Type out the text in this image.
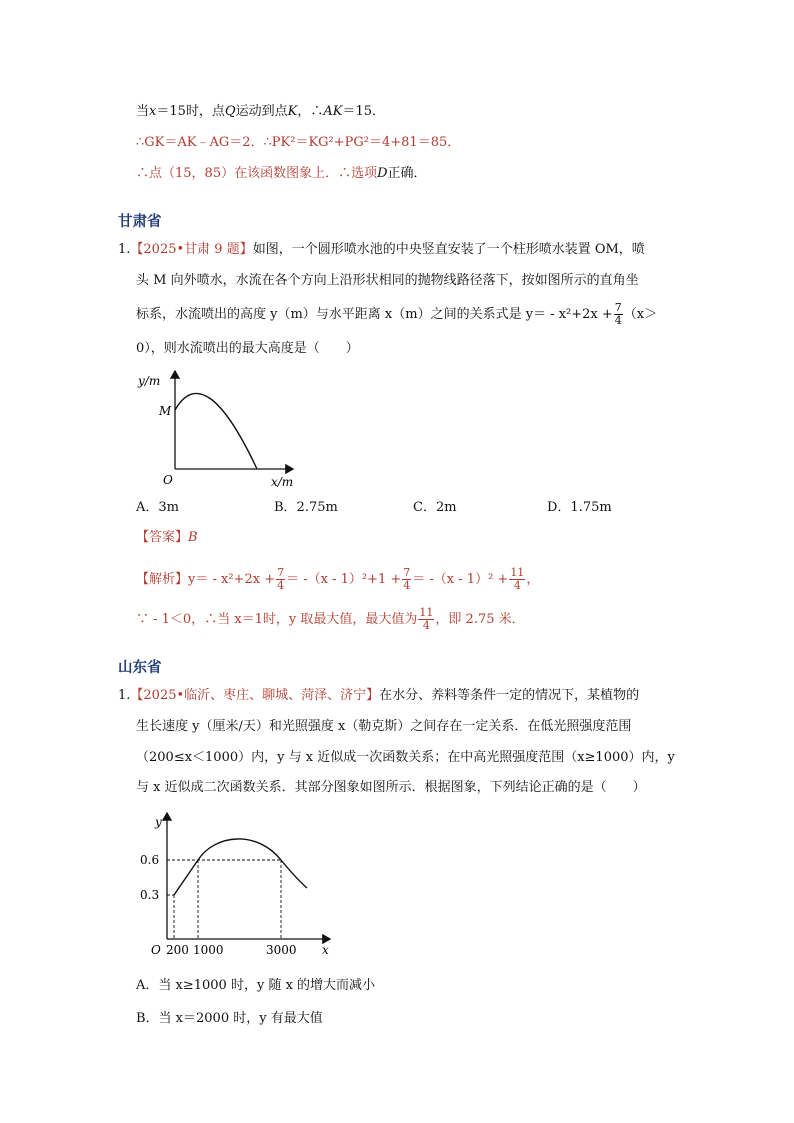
当x＝15时，点Q运动到点K，∴AK＝15．
∴GK＝AK﹣AG＝2．∴PK²＝KG²+PG²＝4+81＝85．
∴点（15，85）在该函数图象上．∴选项D正确．
甘肃省
1.【2025•甘肃 9 题】如图，一个圆形喷水池的中央竖直安装了一个柱形喷水装置 OM，喷
头 M 向外喷水，水流在各个方向上沿形状相同的抛物线路径落下，按如图所示的直角坐
标系，水流喷出的高度 y（m）与水平距离 x（m）之间的关系式是 $y= - x^2+2x + \frac{7}{4} (x>$
0），则水流喷出的最大高度是（　　）
y/m
M
O	x/m
A．3m	B．2.75m	C．2m	D．1.75m
【答案】B
【解析】$y= - x^2+2x + \frac{7}{4} = -(x - 1)^2+1 + \frac{7}{4} = -(x - 1)^2 + \frac{11}{4}$ ，
∵ - 1＜0，∴当 x＝1时，y 取最大值，最大值为 $\frac{11}{4}$ ，即 2.75 米．
山东省
1.【2025•临沂、枣庄、聊城、菏泽、济宁】在水分、养料等条件一定的情况下，某植物的
生长速度 y（厘米/天）和光照强度 x（勒克斯）之间存在一定关系．在低光照强度范围
（200≤x＜1000）内，y 与 x 近似成一次函数关系；在中高光照强度范围（x≥1000）内，y
与 x 近似成二次函数关系．其部分图象如图所示．根据图象，下列结论正确的是（　　）
y
0.6
0.3
O 200 1000	3000 x
A．当 x≥1000 时，y 随 x 的增大而减小
B．当 x＝2000 时，y 有最大值
